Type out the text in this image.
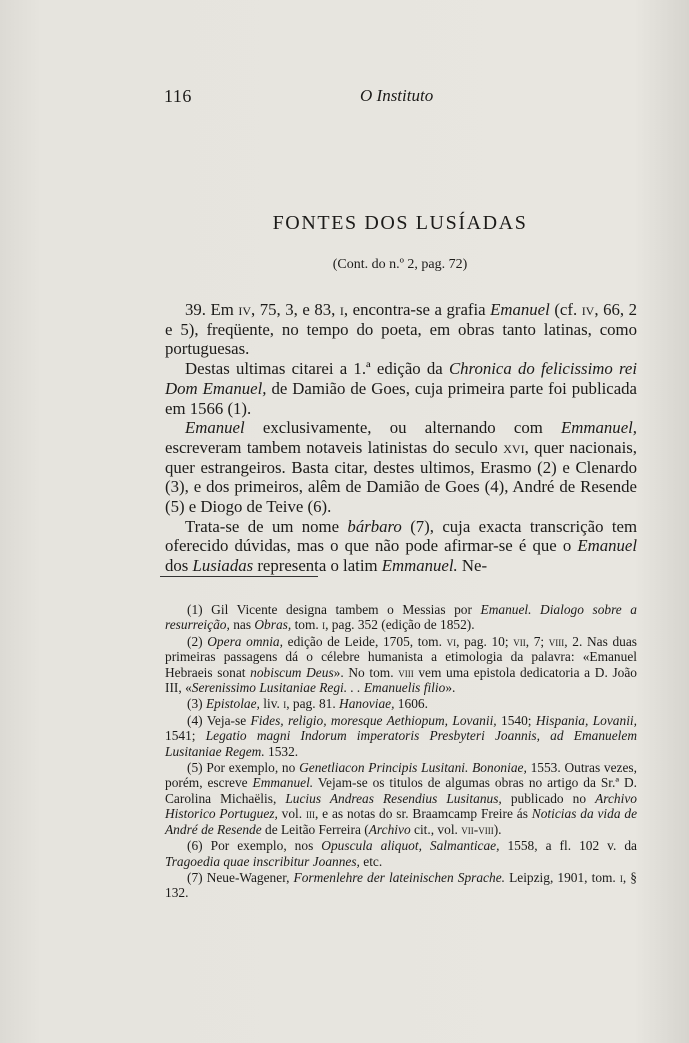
116	O Instituto
FONTES DOS LUSÍADAS
(Cont. do n.º 2, pag. 72)

39. Em iv, 75, 3, e 83, i, encontra-se a grafia Emanuel (cf. iv, 66, 2 e 5), freqüente, no tempo do poeta, em obras tanto latinas, como portuguesas.

Destas ultimas citarei a 1.ª edição da Chronica do felicissimo rei Dom Emanuel, de Damião de Goes, cuja primeira parte foi publicada em 1566 (1).

Emanuel exclusivamente, ou alternando com Emmanuel, escreveram tambem notaveis latinistas do seculo xvi, quer nacionais, quer estrangeiros. Basta citar, destes ultimos, Erasmo (2) e Clenardo (3), e dos primeiros, alêm de Damião de Goes (4), André de Resende (5) e Diogo de Teive (6).

Trata-se de um nome bárbaro (7), cuja exacta transcrição tem oferecido dúvidas, mas o que não pode afirmar-se é que o Emanuel dos Lusiadas representa o latim Emmanuel. Ne-

(1) Gil Vicente designa tambem o Messias por Emanuel. Dialogo sobre a resurreição, nas Obras, tom. i, pag. 352 (edição de 1852).

(2) Opera omnia, edição de Leide, 1705, tom. vi, pag. 10; vii, 7; viii, 2. Nas duas primeiras passagens dá o célebre humanista a etimologia da palavra: «Emanuel Hebraeis sonat nobiscum Deus». No tom. viii vem uma epistola dedicatoria a D. João III, «Serenissimo Lusitaniae Regi. . . Emanuelis filio».

(3) Epistolae, liv. i, pag. 81. Hanoviae, 1606.

(4) Veja-se Fides, religio, moresque Aethiopum, Lovanii, 1540; Hispania, Lovanii, 1541; Legatio magni Indorum imperatoris Presbyteri Joannis, ad Emanuelem Lusitaniae Regem. 1532.

(5) Por exemplo, no Genetliacon Principis Lusitani. Bononiae, 1553. Outras vezes, porém, escreve Emmanuel. Vejam-se os titulos de algumas obras no artigo da Sr.ª D. Carolina Michaëlis, Lucius Andreas Resendius Lusitanus, publicado no Archivo Historico Portuguez, vol. iii, e as notas do sr. Braamcamp Freire ás Noticias da vida de André de Resende de Leitão Ferreira (Archivo cit., vol. vii-viii).

(6) Por exemplo, nos Opuscula aliquot, Salmanticae, 1558, a fl. 102 v. da Tragoedia quae inscribitur Joannes, etc.

(7) Neue-Wagener, Formenlehre der lateinischen Sprache. Leipzig, 1901, tom. i, § 132.
